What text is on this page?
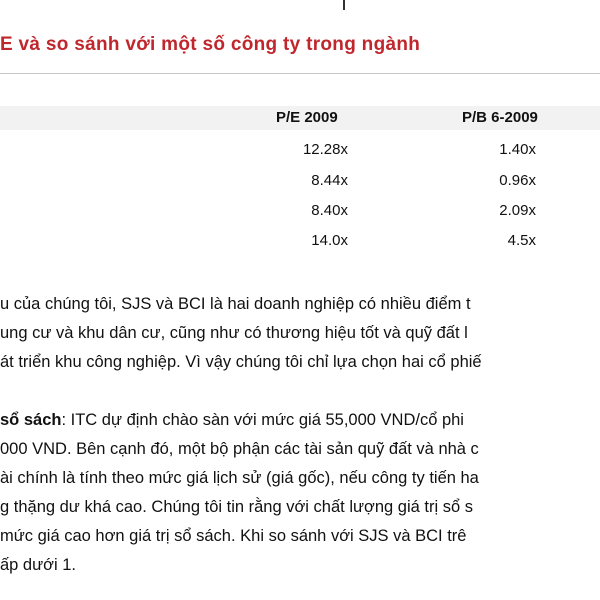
E và so sánh với một số công ty trong ngành
P/E 2009	P/B 6-2009
12.28x	1.40x
8.44x	0.96x
8.40x	2.09x
14.0x	4.5x
u của chúng tôi, SJS và BCI là hai doanh nghiệp có nhiều điểm t
ung cư và khu dân cư, cũng như có thương hiệu tốt và quỹ đất l
át triển khu công nghiệp. Vì vậy chúng tôi chỉ lựa chọn hai cổ phiế
sổ sách: ITC dự định chào sàn với mức giá 55,000 VND/cổ phi
000 VND. Bên cạnh đó, một bộ phận các tài sản quỹ đất và nhà c
ài chính là tính theo mức giá lịch sử (giá gốc), nếu công ty tiến ha
g thặng dư khá cao. Chúng tôi tin rằng với chất lượng giá trị sổ s
mức giá cao hơn giá trị sổ sách. Khi so sánh với SJS và BCI trê
ấp dưới 1.
